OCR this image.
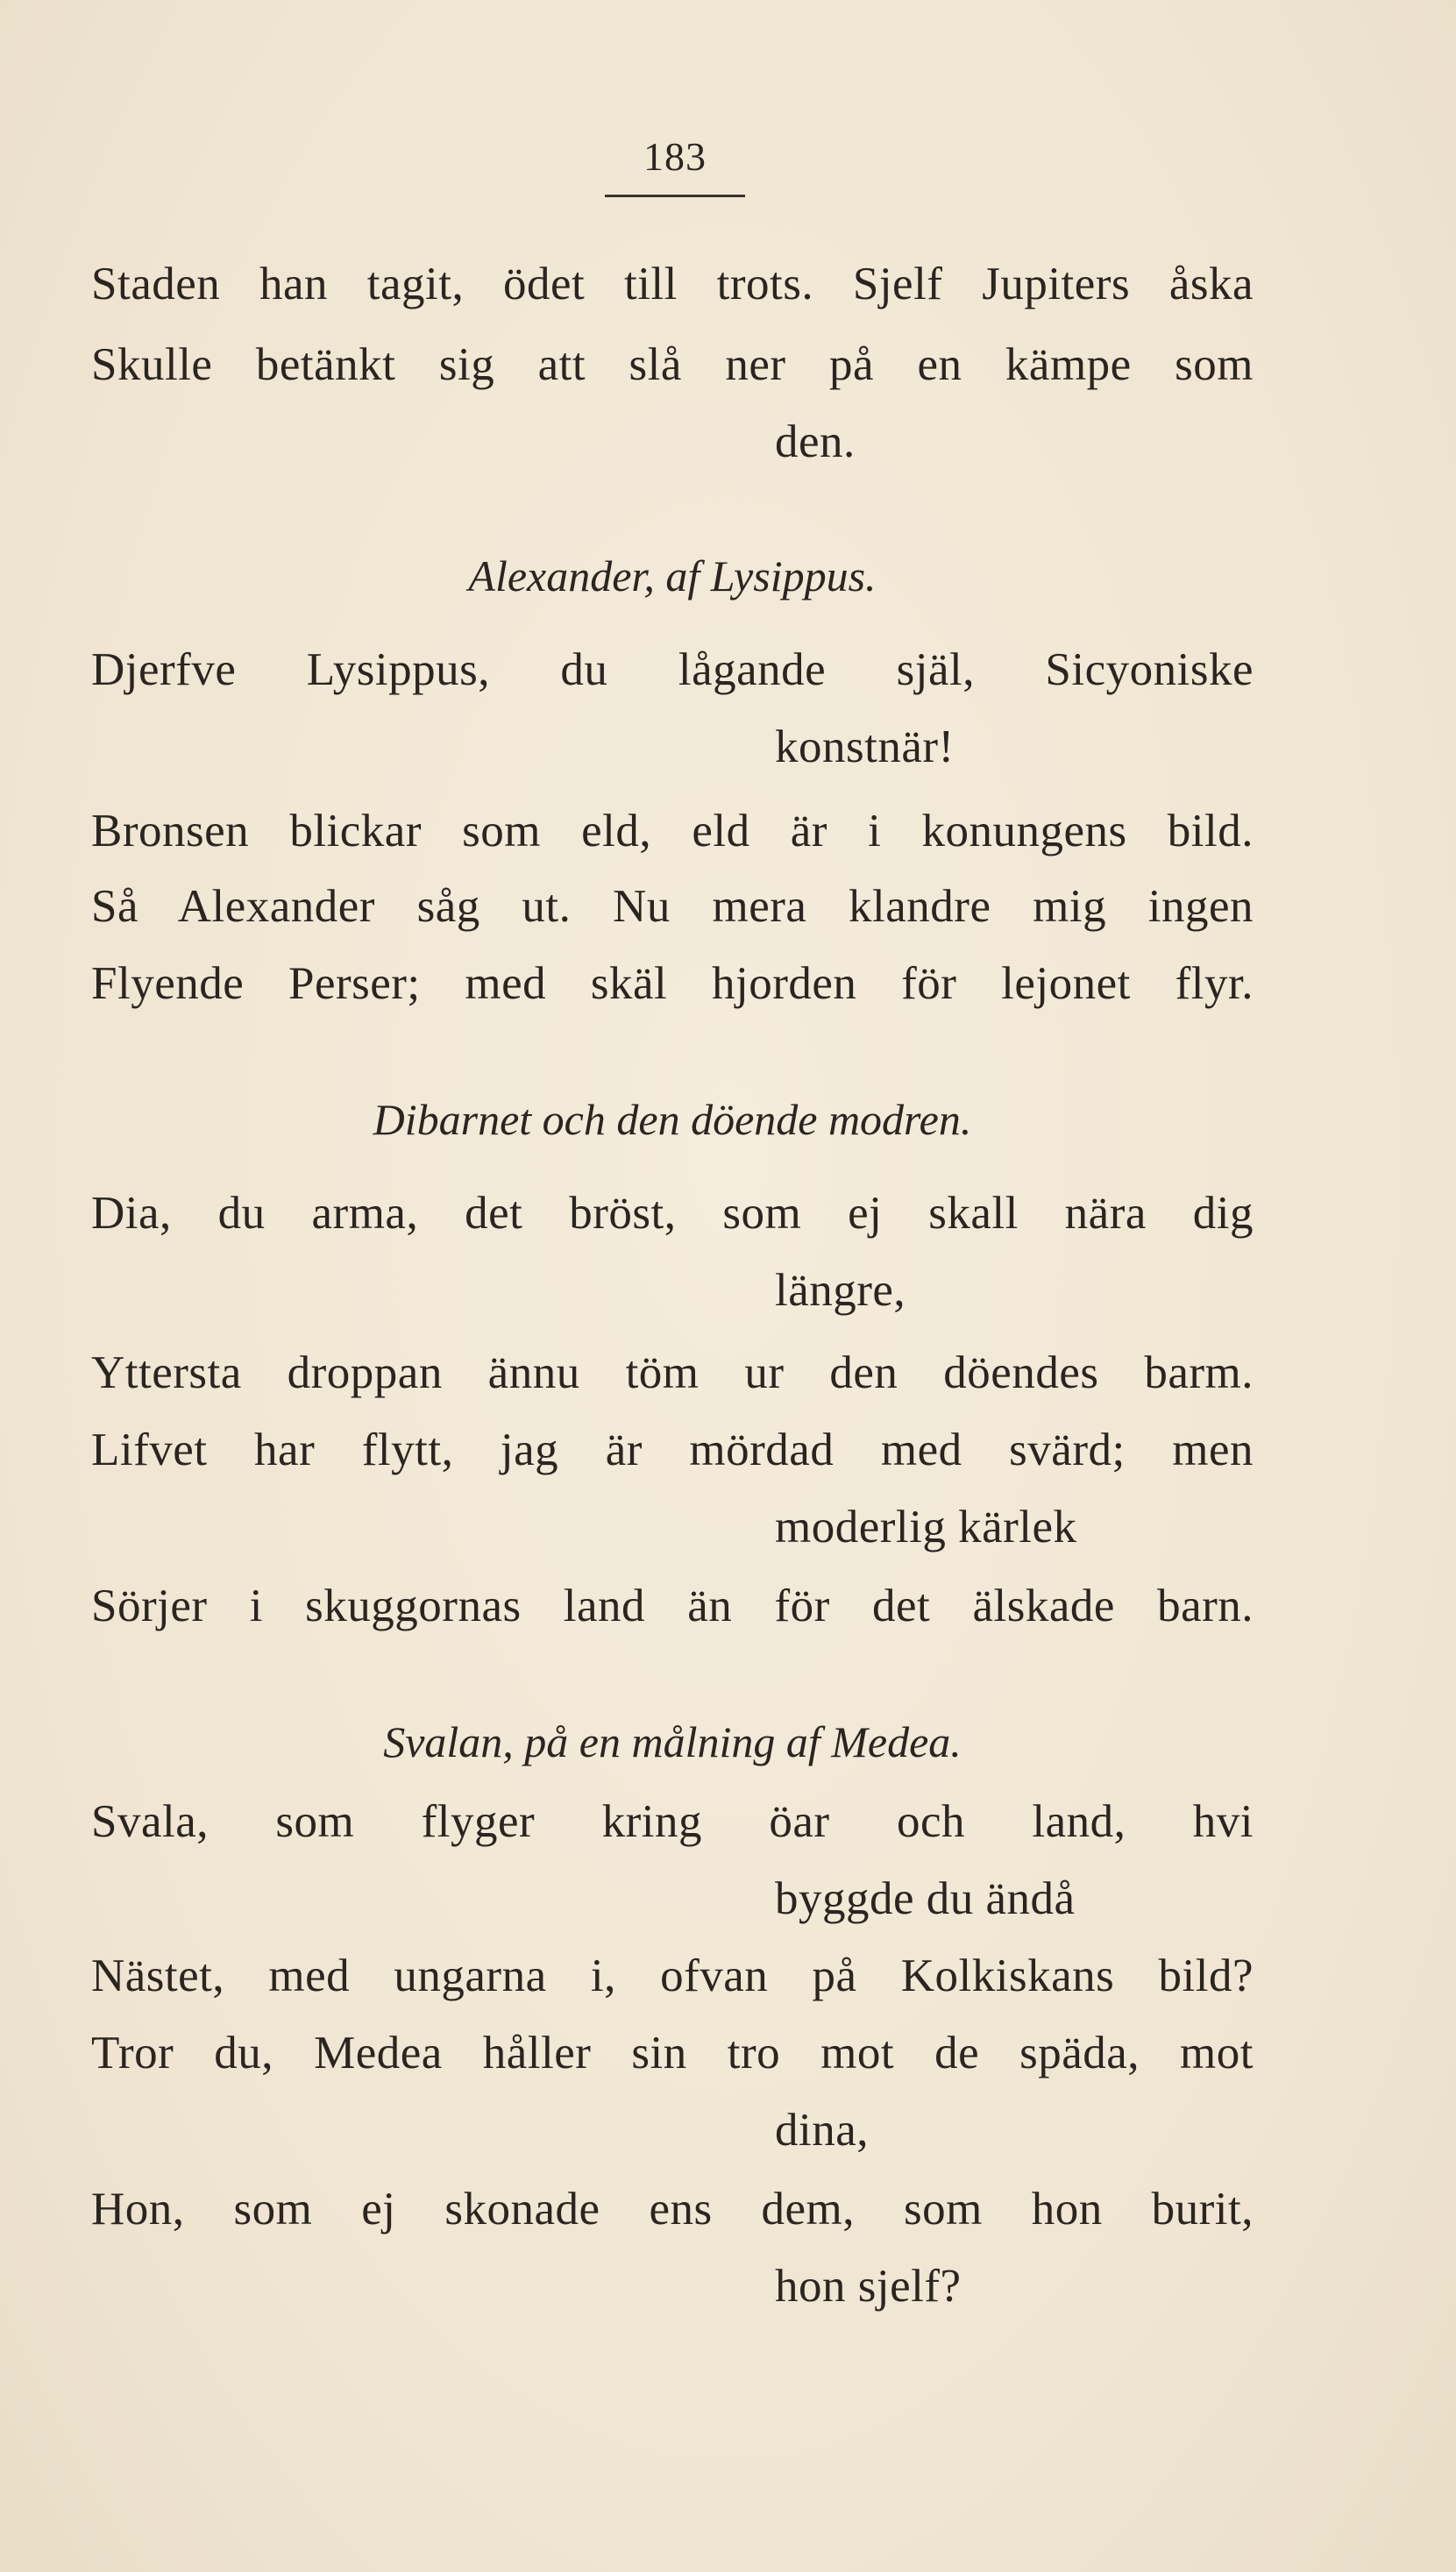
183
Staden han tagit, ödet till trots. Sjelf Jupiters åska
Skulle betänkt sig att slå ner på en kämpe som
den.
Alexander, af Lysippus.
Djerfve Lysippus, du lågande själ, Sicyoniske
konstnär!
Bronsen blickar som eld, eld är i konungens bild.
Så Alexander såg ut. Nu mera klandre mig ingen
Flyende Perser; med skäl hjorden för lejonet flyr.
Dibarnet och den döende modren.
Dia, du arma, det bröst, som ej skall nära dig
längre,
Yttersta droppan ännu töm ur den döendes barm.
Lifvet har flytt, jag är mördad med svärd; men
moderlig kärlek
Sörjer i skuggornas land än för det älskade barn.
Svalan, på en målning af Medea.
Svala, som flyger kring öar och land, hvi
byggde du ändå
Nästet, med ungarna i, ofvan på Kolkiskans bild?
Tror du, Medea håller sin tro mot de späda, mot
dina,
Hon, som ej skonade ens dem, som hon burit,
hon sjelf?
